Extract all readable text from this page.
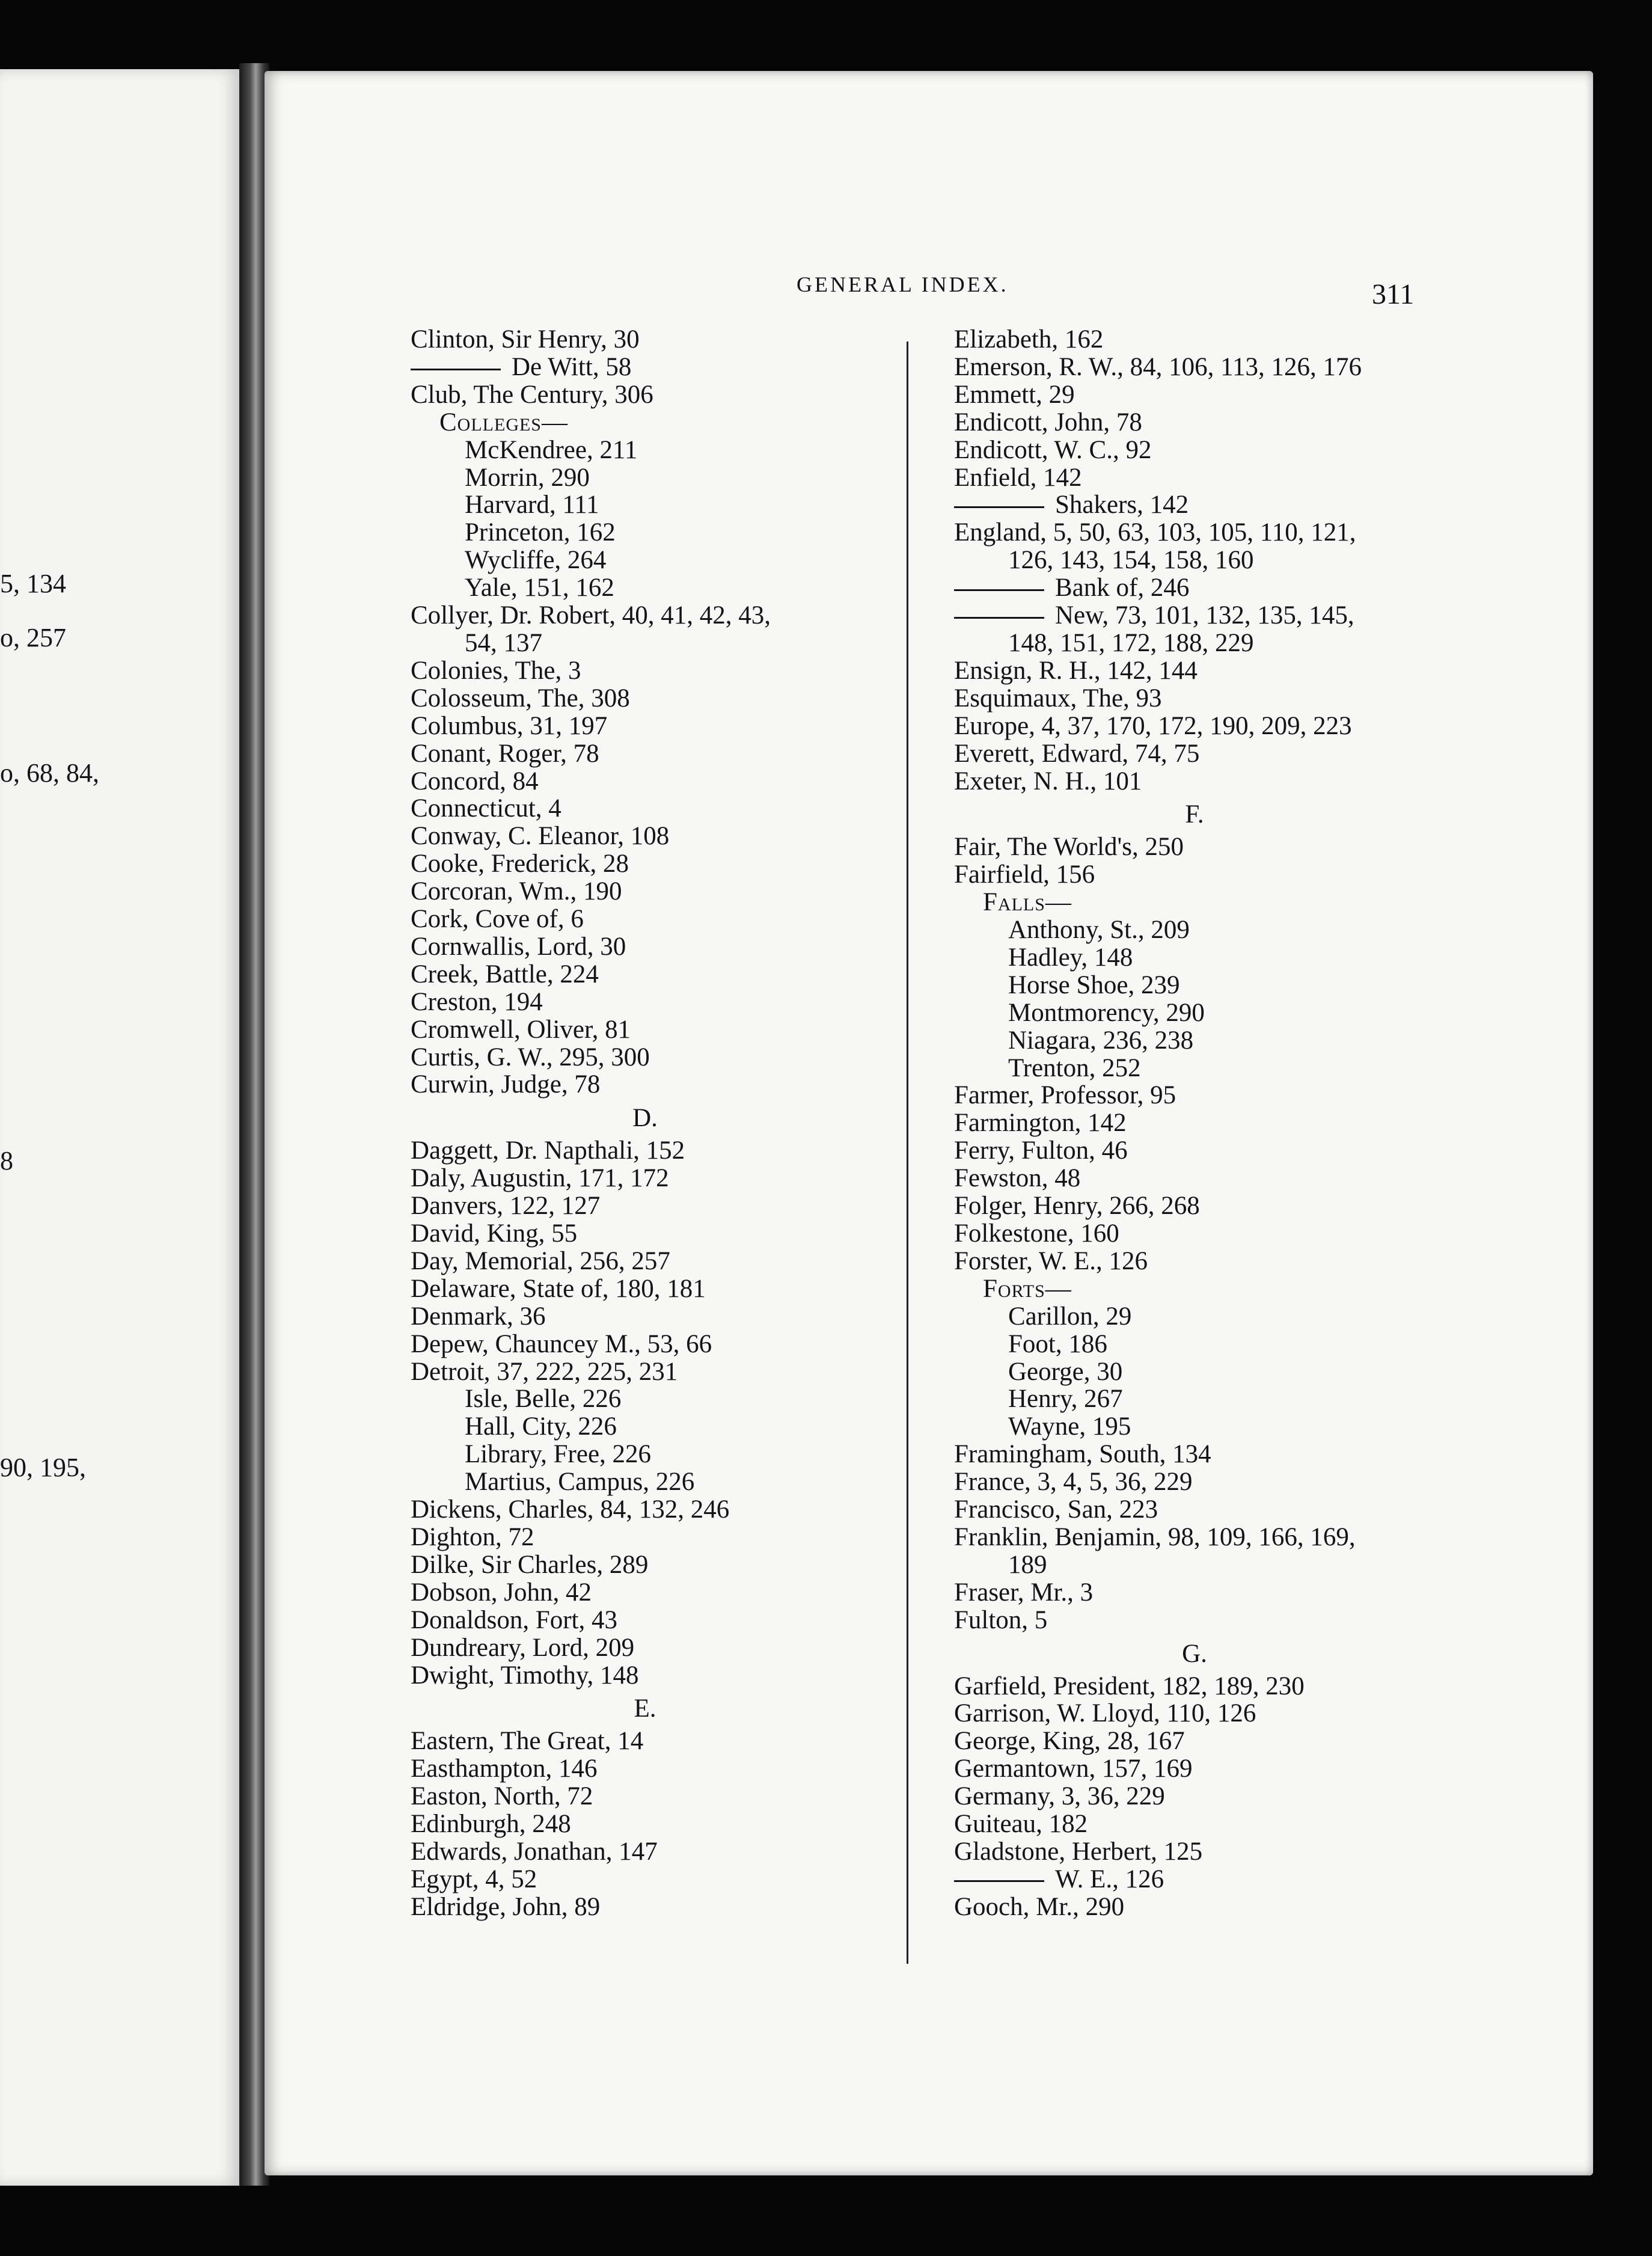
5, 134
o, 257
o, 68, 84,
8
90, 195,
GENERAL INDEX.	311
Clinton, Sir Henry, 30
De Witt, 58
Club, The Century, 306
Colleges—
McKendree, 211
Morrin, 290
Harvard, 111
Princeton, 162
Wycliffe, 264
Yale, 151, 162
Collyer, Dr. Robert, 40, 41, 42, 43,
54, 137
Colonies, The, 3
Colosseum, The, 308
Columbus, 31, 197
Conant, Roger, 78
Concord, 84
Connecticut, 4
Conway, C. Eleanor, 108
Cooke, Frederick, 28
Corcoran, Wm., 190
Cork, Cove of, 6
Cornwallis, Lord, 30
Creek, Battle, 224
Creston, 194
Cromwell, Oliver, 81
Curtis, G. W., 295, 300
Curwin, Judge, 78
D.
Daggett, Dr. Napthali, 152
Daly, Augustin, 171, 172
Danvers, 122, 127
David, King, 55
Day, Memorial, 256, 257
Delaware, State of, 180, 181
Denmark, 36
Depew, Chauncey M., 53, 66
Detroit, 37, 222, 225, 231
Isle, Belle, 226
Hall, City, 226
Library, Free, 226
Martius, Campus, 226
Dickens, Charles, 84, 132, 246
Dighton, 72
Dilke, Sir Charles, 289
Dobson, John, 42
Donaldson, Fort, 43
Dundreary, Lord, 209
Dwight, Timothy, 148
E.
Eastern, The Great, 14
Easthampton, 146
Easton, North, 72
Edinburgh, 248
Edwards, Jonathan, 147
Egypt, 4, 52
Eldridge, John, 89
Elizabeth, 162
Emerson, R. W., 84, 106, 113, 126, 176
Emmett, 29
Endicott, John, 78
Endicott, W. C., 92
Enfield, 142
Shakers, 142
England, 5, 50, 63, 103, 105, 110, 121,
126, 143, 154, 158, 160
Bank of, 246
New, 73, 101, 132, 135, 145,
148, 151, 172, 188, 229
Ensign, R. H., 142, 144
Esquimaux, The, 93
Europe, 4, 37, 170, 172, 190, 209, 223
Everett, Edward, 74, 75
Exeter, N. H., 101
F.
Fair, The World's, 250
Fairfield, 156
Falls—
Anthony, St., 209
Hadley, 148
Horse Shoe, 239
Montmorency, 290
Niagara, 236, 238
Trenton, 252
Farmer, Professor, 95
Farmington, 142
Ferry, Fulton, 46
Fewston, 48
Folger, Henry, 266, 268
Folkestone, 160
Forster, W. E., 126
Forts—
Carillon, 29
Foot, 186
George, 30
Henry, 267
Wayne, 195
Framingham, South, 134
France, 3, 4, 5, 36, 229
Francisco, San, 223
Franklin, Benjamin, 98, 109, 166, 169,
189
Fraser, Mr., 3
Fulton, 5
G.
Garfield, President, 182, 189, 230
Garrison, W. Lloyd, 110, 126
George, King, 28, 167
Germantown, 157, 169
Germany, 3, 36, 229
Guiteau, 182
Gladstone, Herbert, 125
W. E., 126
Gooch, Mr., 290
